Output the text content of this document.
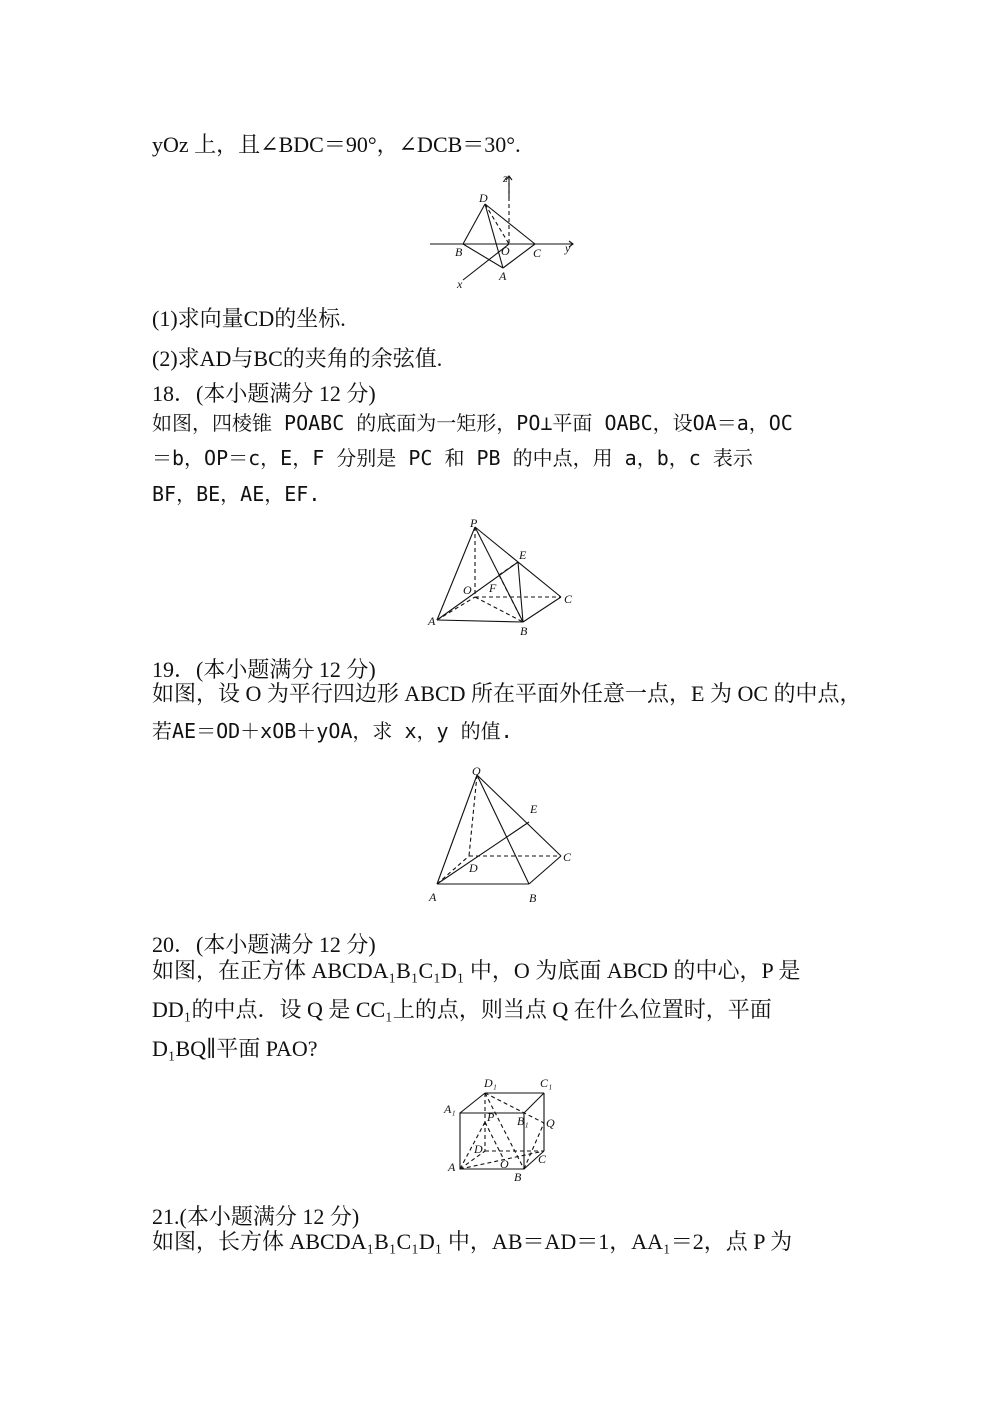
yOz 上，且∠BDC＝90°，∠DCB＝30°.
z
D
B	O C y
A
x
(1)求向量CD的坐标.
(2)求AD与BC的夹角的余弦值.
18．(本小题满分 12 分)
如图，四棱锥 POABC 的底面为一矩形，PO⊥平面 OABC，设OA＝a，OC
＝b，OP＝c，E，F 分别是 PC 和 PB 的中点，用 a，b，c 表示
BF，BE，AE，EF.
P
E
O F
C
A
B
19．(本小题满分 12 分)
如图，设 O 为平行四边形 ABCD 所在平面外任意一点，E 为 OC 的中点，
若AE＝OD＋xOB＋yOA，求 x，y 的值.
O
E
D
C
A	B
20．(本小题满分 12 分)
如图，在正方体 ABCDA₁B₁C₁D₁ 中，O 为底面 ABCD 的中心，P 是
DD₁的中点．设 Q 是 CC₁上的点，则当点 Q 在什么位置时，平面
D₁BQ∥平面 PAO?
D₁	C₁
A₁
P B₁ Q
D
C
A	O
B
21.(本小题满分 12 分)
如图，长方体 ABCDA₁B₁C₁D₁ 中，AB＝AD＝1，AA₁＝2，点 P 为
